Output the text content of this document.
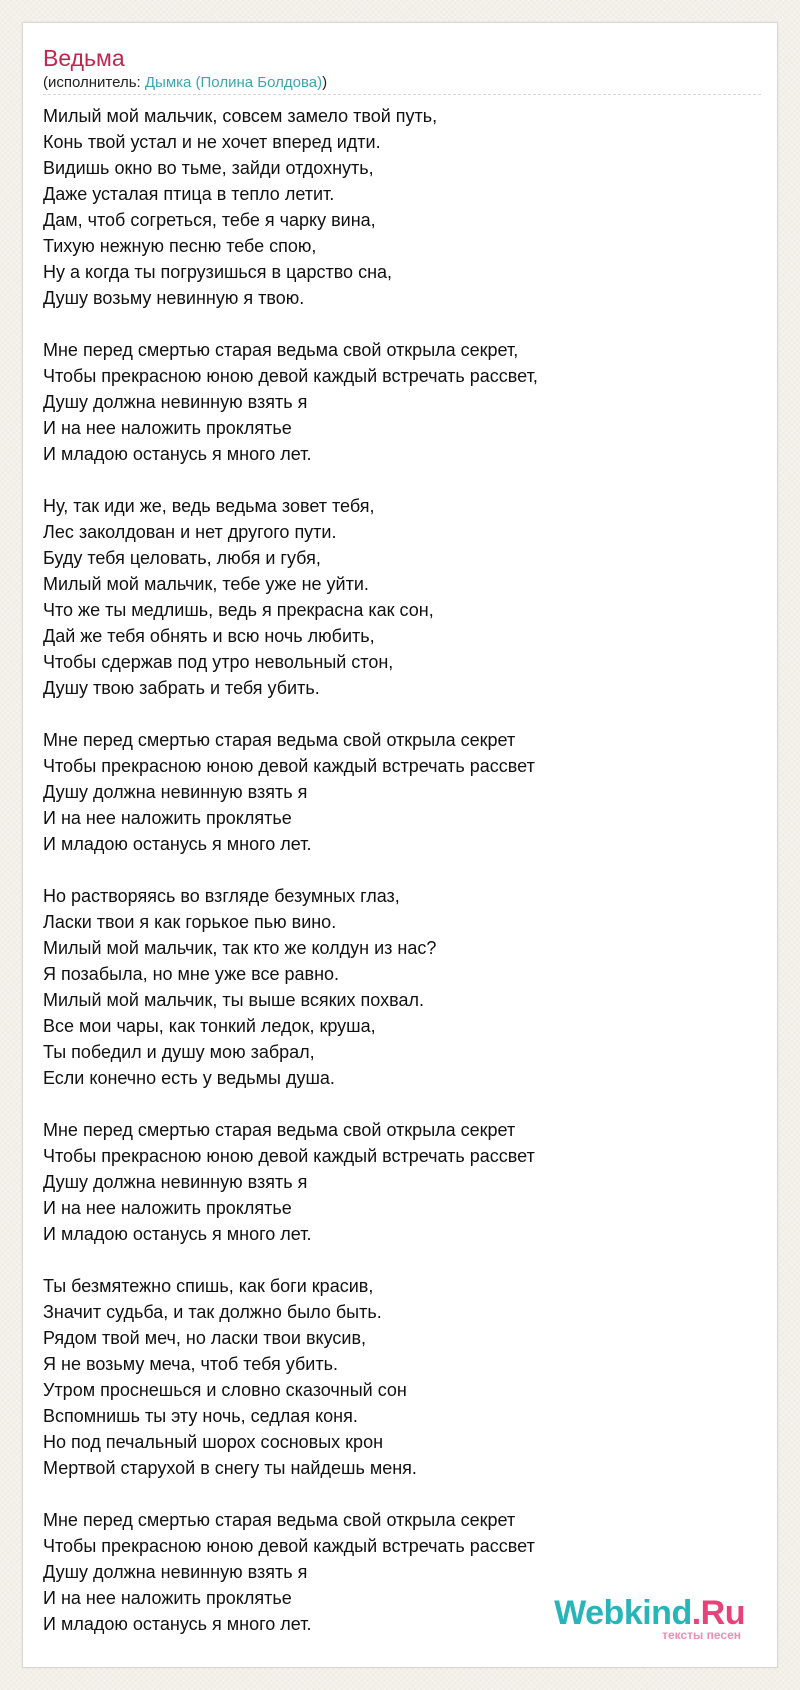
Ведьма
(исполнитель: Дымка (Полина Болдова))
Милый мой мальчик, совсем замело твой путь,
Конь твой устал и не хочет вперед идти.
Видишь окно во тьме, зайди отдохнуть,
Даже усталая птица в тепло летит.
Дам, чтоб согреться, тебе я чарку вина,
Тихую нежную песню тебе спою,
Ну а когда ты погрузишься в царство сна,
Душу возьму невинную я твою.
Мне перед смертью старая ведьма свой открыла секрет,
Чтобы прекрасною юною девой каждый встречать рассвет,
Душу должна невинную взять я
И на нее наложить проклятье
И младою останусь я много лет.
Ну, так иди же, ведь ведьма зовет тебя,
Лес заколдован и нет другого пути.
Буду тебя целовать, любя и губя,
Милый мой мальчик, тебе уже не уйти.
Что же ты медлишь, ведь я прекрасна как сон,
Дай же тебя обнять и всю ночь любить,
Чтобы сдержав под утро невольный стон,
Душу твою забрать и тебя убить.
Мне перед смертью старая ведьма свой открыла секрет
Чтобы прекрасною юною девой каждый встречать рассвет
Душу должна невинную взять я
И на нее наложить проклятье
И младою останусь я много лет.
Но растворяясь во взгляде безумных глаз,
Ласки твои я как горькое пью вино.
Милый мой мальчик, так кто же колдун из нас?
Я позабыла, но мне уже все равно.
Милый мой мальчик, ты выше всяких похвал.
Все мои чары, как тонкий ледок, круша,
Ты победил и душу мою забрал,
Если конечно есть у ведьмы душа.
Мне перед смертью старая ведьма свой открыла секрет
Чтобы прекрасною юною девой каждый встречать рассвет
Душу должна невинную взять я
И на нее наложить проклятье
И младою останусь я много лет.
Ты безмятежно спишь, как боги красив,
Значит судьба, и так должно было быть.
Рядом твой меч, но ласки твои вкусив,
Я не возьму меча, чтоб тебя убить.
Утром проснешься и словно сказочный сон
Вспомнишь ты эту ночь, седлая коня.
Но под печальный шорох сосновых крон
Мертвой старухой в снегу ты найдешь меня.
Мне перед смертью старая ведьма свой открыла секрет
Чтобы прекрасною юною девой каждый встречать рассвет
Душу должна невинную взять я
И на нее наложить проклятье
И младою останусь я много лет.	Webkind.Ru
тексты песен
